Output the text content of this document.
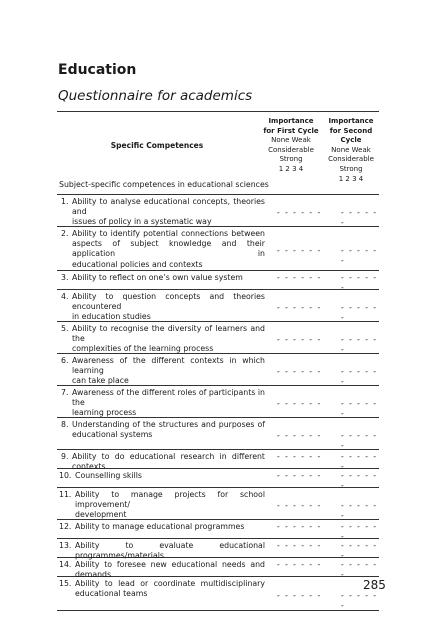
Education
Questionnaire for academics
Specific Competences
Importance
for First Cycle
None Weak
Considerable
Strong
1 2 3 4
Importance
for Second Cycle
None Weak
Considerable
Strong
1 2 3 4
Subject-specific competences in educational sciences
1. Ability to analyse educational concepts, theories and
issues of policy in a systematic way
- - - - - -	- - - - - -
2. Ability to identify potential connections between
aspects of subject knowledge and their application in
educational policies and contexts
- - - - - -	- - - - - -
3. Ability to reflect on one’s own value system	- - - - - -	- - - - - -
4. Ability to question concepts and theories encountered
in education studies
- - - - - -	- - - - - -
5. Ability to recognise the diversity of learners and the
complexities of the learning process
- - - - - -	- - - - - -
6. Awareness of the different contexts in which learning
can take place
- - - - - -	- - - - - -
7. Awareness of the different roles of participants in the
learning process
- - - - - -	- - - - - -
8. Understanding of the structures and purposes of
educational systems	- - - - - -	- - - - - -
9. Ability to do educational research in different contexts
- - - - - -	- - - - - -
10. Counselling skills	- - - - - -	- - - - - -
11. Ability to manage projects for school improvement/
development
- - - - - -	- - - - - -
12. Ability to manage educational programmes	- - - - - -	- - - - - -
13. Ability to evaluate educational programmes/materials
- - - - - -	- - - - - -
14. Ability to foresee new educational needs and demands
- - - - - -	- - - - - -
15. Ability to lead or coordinate multidisciplinary
educational teams	- - - - - -	- - - - - -
285
